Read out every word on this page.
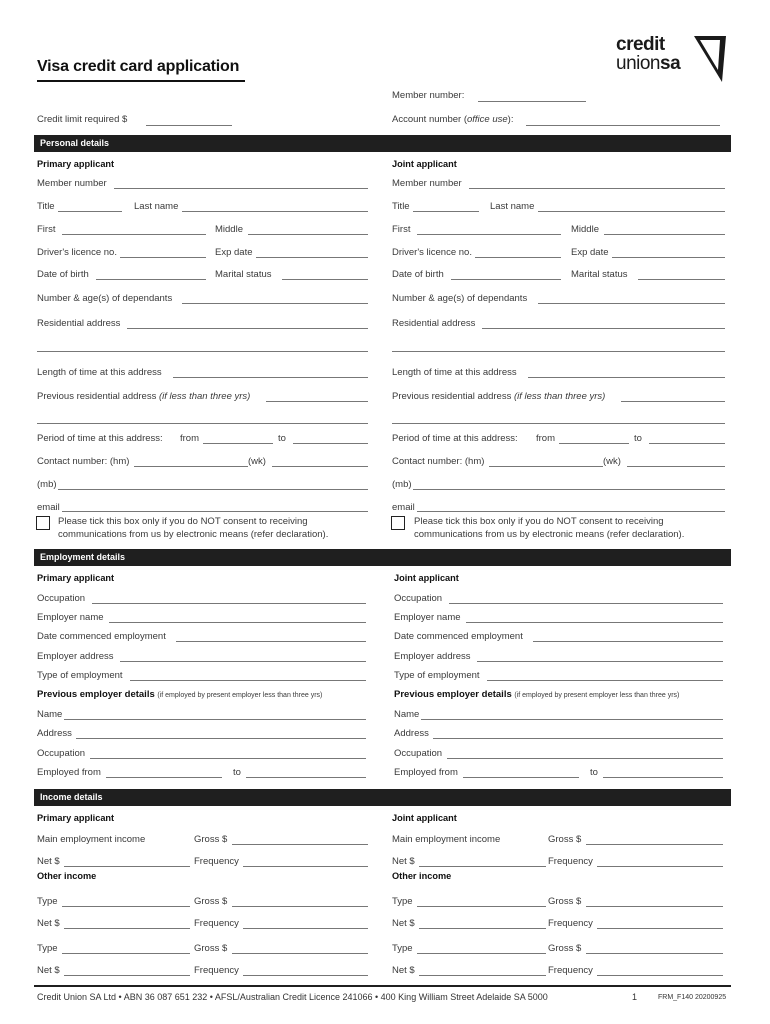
credit
unionsa
Visa credit card application
Member number:
Credit limit required $	Account number (office use):
Personal details
Primary applicant	Joint applicant
Member number
Title	Last name
First	Middle
Driver's licence no.	Exp date
Date of birth	Marital status
Number & age(s) of dependants
Residential address
Length of time at this address
Previous residential address (if less than three yrs)
Period of time at this address: from	to
Contact number: (hm)	(wk)
(mb)
email
Please tick this box only if you do NOT consent to receiving
communications from us by electronic means (refer declaration).
Member number
Title	Last name
First	Middle
Driver's licence no.	Exp date
Date of birth	Marital status
Number & age(s) of dependants
Residential address
Length of time at this address
Previous residential address (if less than three yrs)
Period of time at this address: from	to
Contact number: (hm)	(wk)
(mb)
email
Please tick this box only if you do NOT consent to receiving
communications from us by electronic means (refer declaration).
Employment details
Primary applicant	Joint applicant
Occupation
Employer name
Date commenced employment
Employer address
Type of employment
Previous employer details (if employed by present employer less than three yrs)
Name
Address
Occupation
Employed from	to
Occupation
Employer name
Date commenced employment
Employer address
Type of employment
Previous employer details (if employed by present employer less than three yrs)
Name
Address
Occupation
Employed from	to
Income details
Primary applicant	Joint applicant
Main employment income	Gross $
Net $	Frequency
Other income
Type	Gross $
Net $	Frequency
Type	Gross $
Net $	Frequency
Main employment income	Gross $
Net $	Frequency
Other income
Type	Gross $
Net $	Frequency
Type	Gross $
Net $	Frequency
Credit Union SA Ltd • ABN 36 087 651 232 • AFSL/Australian Credit Licence 241066 • 400 King William Street Adelaide SA 5000	1	FRM_F140 20200925
